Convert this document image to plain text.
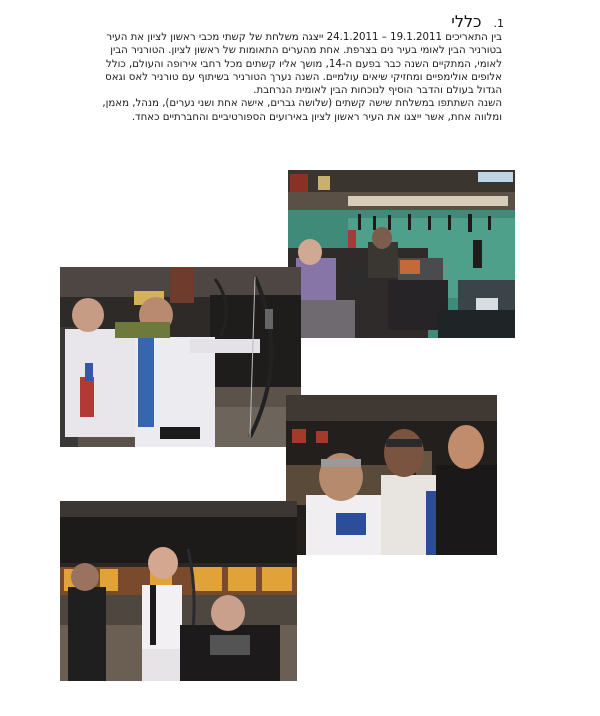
1.כללי

בין התאריכים 19.1.2011 – 24.1.2011 ייצגה משלחת של קשתי מכבי ראשון לציון את העיר בטורניר הבין לאומי בעיר נים בצרפת. אחת מהערים התאומות של ראשון לציון. הטורניר הבין לאומי, המתקיים השנה כבר בפעם ה-14, מושך אליו קשתים מכל רחבי אירופה והעולם, כולל אלופים אולימפיים ומחזיקי שיאים עולמיים. השנה נערך הטורניר בשיתוף עם טורניר לאס וגאס הגדול בעולם והדבר הוסיף לנוכחות הבין לאומית הנרחבת.

השנה השתתפו במשלחת שישה קשתים (שלושה גברים, אישה אחת ושני נערים), מנהל, מאמן, ומלווה אחת, אשר ייצגו את העיר ראשון לציון באירועים הספורטיביים והחברתיים כאחד.
